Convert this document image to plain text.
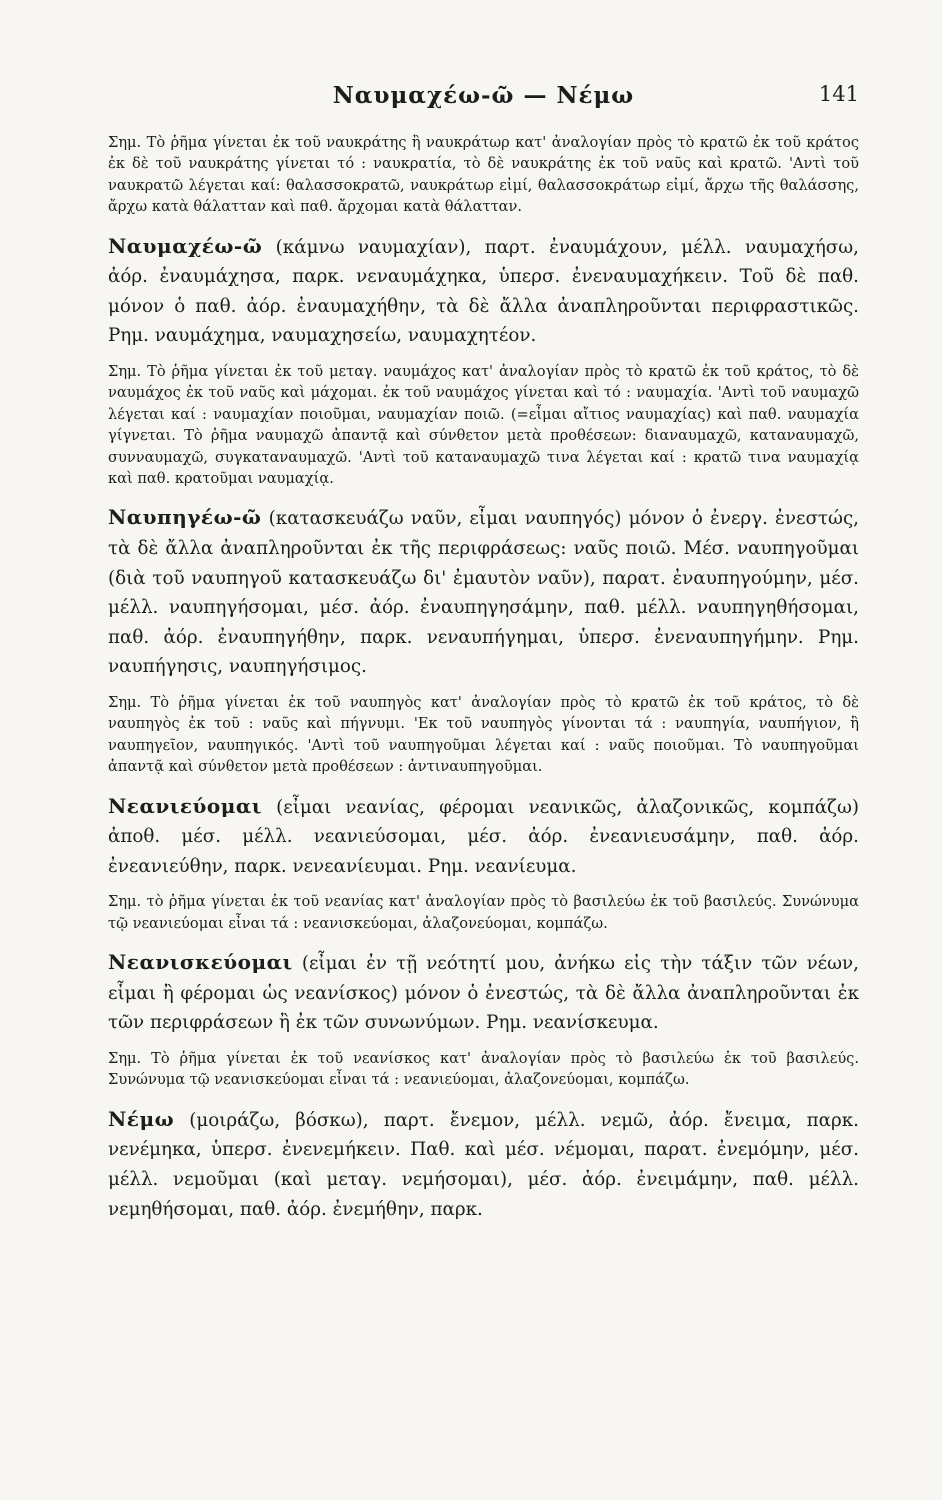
Ναυμαχέω-ῶ — Νέμω	141

Σημ. Τὸ ῥῆμα γίνεται ἐκ τοῦ ναυκράτης ἢ ναυκράτωρ κατ' ἀναλογίαν πρὸς τὸ κρατῶ ἐκ τοῦ κράτος ἐκ δὲ τοῦ ναυκράτης γίνεται τό : ναυκρατία, τὸ δὲ ναυκράτης ἐκ τοῦ ναῦς καὶ κρατῶ. 'Αντὶ τοῦ ναυκρατῶ λέγεται καί: θαλασσοκρατῶ, ναυκράτωρ εἰμί, θαλασσοκράτωρ εἰμί, ἄρχω τῆς θαλάσσης, ἄρχω κατὰ θάλατταν καὶ παθ. ἄρχομαι κατὰ θάλατταν.

Ναυμαχέω-ῶ (κάμνω ναυμαχίαν), παρτ. ἐναυμάχουν, μέλλ. ναυμαχήσω, ἀόρ. ἐναυμάχησα, παρκ. νεναυμάχηκα, ὑπερσ. ἐνεναυμαχήκειν. Τοῦ δὲ παθ. μόνον ὁ παθ. ἀόρ. ἐναυμαχήθην, τὰ δὲ ἄλλα ἀναπληροῦνται περιφραστικῶς. Ρημ. ναυμάχημα, ναυμαχησείω, ναυμαχητέον.

Σημ. Τὸ ῥῆμα γίνεται ἐκ τοῦ μεταγ. ναυμάχος κατ' ἀναλογίαν πρὸς τὸ κρατῶ ἐκ τοῦ κράτος, τὸ δὲ ναυμάχος ἐκ τοῦ ναῦς καὶ μάχομαι. ἐκ τοῦ ναυμάχος γίνεται καὶ τό : ναυμαχία. 'Αντὶ τοῦ ναυμαχῶ λέγεται καί : ναυμαχίαν ποιοῦμαι, ναυμαχίαν ποιῶ. (=εἶμαι αἴτιος ναυμαχίας) καὶ παθ. ναυμαχία γίγνεται. Τὸ ῥῆμα ναυμαχῶ ἀπαντᾷ καὶ σύνθετον μετὰ προθέσεων: διαναυμαχῶ, καταναυμαχῶ, συνναυμαχῶ, συγκαταναυμαχῶ. 'Αντὶ τοῦ καταναυμαχῶ τινα λέγεται καί : κρατῶ τινα ναυμαχίᾳ καὶ παθ. κρατοῦμαι ναυμαχίᾳ.

Ναυπηγέω-ῶ (κατασκευάζω ναῦν, εἶμαι ναυπηγός) μόνον ὁ ἐνεργ. ἐνεστώς, τὰ δὲ ἄλλα ἀναπληροῦνται ἐκ τῆς περιφράσεως: ναῦς ποιῶ. Μέσ. ναυπηγοῦμαι (διὰ τοῦ ναυπηγοῦ κατασκευάζω δι' ἐμαυτὸν ναῦν), παρατ. ἐναυπηγούμην, μέσ. μέλλ. ναυπηγήσομαι, μέσ. ἀόρ. ἐναυπηγησάμην, παθ. μέλλ. ναυπηγηθήσομαι, παθ. ἀόρ. ἐναυπηγήθην, παρκ. νεναυπήγημαι, ὑπερσ. ἐνεναυπηγήμην. Ρημ. ναυπήγησις, ναυπηγήσιμος.

Σημ. Τὸ ῥῆμα γίνεται ἐκ τοῦ ναυπηγὸς κατ' ἀναλογίαν πρὸς τὸ κρατῶ ἐκ τοῦ κράτος, τὸ δὲ ναυπηγὸς ἐκ τοῦ : ναῦς καὶ πήγνυμι. 'Εκ τοῦ ναυπηγὸς γίνονται τά : ναυπηγία, ναυπήγιον, ἢ ναυπηγεῖον, ναυπηγικός. 'Αντὶ τοῦ ναυπηγοῦμαι λέγεται καί : ναῦς ποιοῦμαι. Τὸ ναυπηγοῦμαι ἀπαντᾷ καὶ σύνθετον μετὰ προθέσεων : ἀντιναυπηγοῦμαι.

Νεανιεύομαι (εἶμαι νεανίας, φέρομαι νεανικῶς, ἀλαζονικῶς, κομπάζω) ἀποθ. μέσ. μέλλ. νεανιεύσομαι, μέσ. ἀόρ. ἐνεανιευσάμην, παθ. ἀόρ. ἐνεανιεύθην, παρκ. νενεανίευμαι. Ρημ. νεανίευμα.

Σημ. τὸ ῥῆμα γίνεται ἐκ τοῦ νεανίας κατ' ἀναλογίαν πρὸς τὸ βασιλεύω ἐκ τοῦ βασιλεύς. Συνώνυμα τῷ νεανιεύομαι εἶναι τά : νεανισκεύομαι, ἀλαζονεύομαι, κομπάζω.

Νεανισκεύομαι (εἶμαι ἐν τῇ νεότητί μου, ἀνήκω εἰς τὴν τάξιν τῶν νέων, εἶμαι ἢ φέρομαι ὡς νεανίσκος) μόνον ὁ ἐνεστώς, τὰ δὲ ἄλλα ἀναπληροῦνται ἐκ τῶν περιφράσεων ἢ ἐκ τῶν συνωνύμων. Ρημ. νεανίσκευμα.

Σημ. Τὸ ῥῆμα γίνεται ἐκ τοῦ νεανίσκος κατ' ἀναλογίαν πρὸς τὸ βασιλεύω ἐκ τοῦ βασιλεύς. Συνώνυμα τῷ νεανισκεύομαι εἶναι τά : νεανιεύομαι, ἀλαζονεύομαι, κομπάζω.

Νέμω (μοιράζω, βόσκω), παρτ. ἔνεμον, μέλλ. νεμῶ, ἀόρ. ἔνειμα, παρκ. νενέμηκα, ὑπερσ. ἐνενεμήκειν. Παθ. καὶ μέσ. νέμομαι, παρατ. ἐνεμόμην, μέσ. μέλλ. νεμοῦμαι (καὶ μεταγ. νεμήσομαι), μέσ. ἀόρ. ἐνειμάμην, παθ. μέλλ. νεμηθήσομαι, παθ. ἀόρ. ἐνεμήθην, παρκ.
